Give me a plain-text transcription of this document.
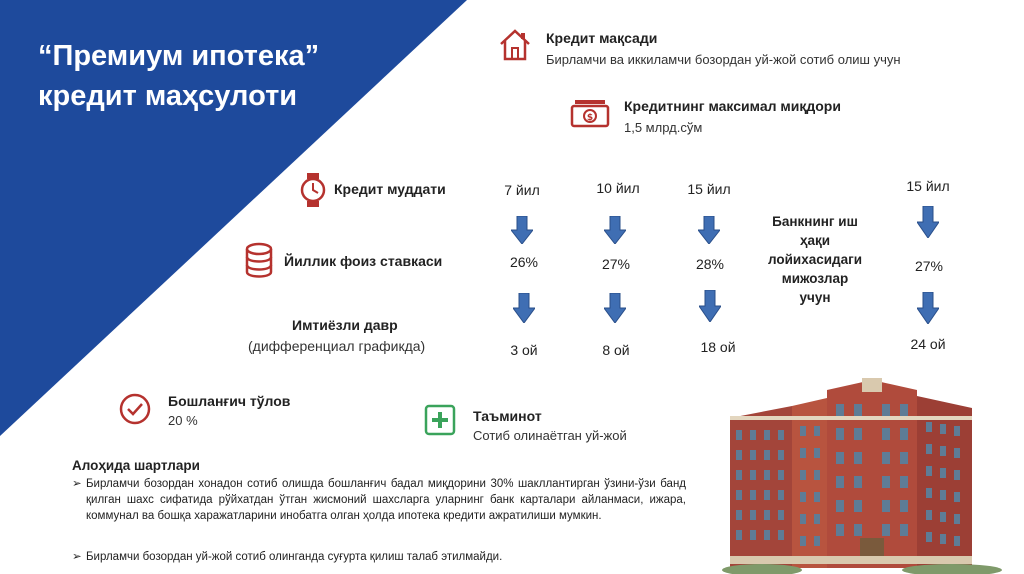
“Премиум ипотека”
кредит маҳсулоти
Кредит мақсади
Бирламчи ва иккиламчи бозордан уй-жой сотиб олиш учун
$
Кредитнинг максимал миқдори
1,5 млрд.сўм
Кредит муддати
Йиллик фоиз ставкаси
Имтиёзли давр
(дифференциал графикда)
7 йил
26%
3 ой
10 йил
27%
8 ой
15 йил
28%
18 ой
Банкнинг иш
ҳақи
лойихасидаги
мижозлар
учун
15 йил
27%
24 ой
Бошланғич тўлов
20 %	Таъминот
Сотиб олинаётган уй-жой
Алоҳида шартлари
➢ Бирламчи бозордан хонадон сотиб олишда бошланғич бадал миқдорини 30% шакллантирган ўзини-ўзи банд қилган шахс сифатида рўйхатдан ўтган жисмоний шахсларга уларнинг банк карталари айланмаси, ижара, коммунал ва бошқа харажатларини инобатга олган ҳолда ипотека кредити ажратилиши мумкин.
➢ Бирламчи бозордан уй-жой сотиб олинганда суғурта қилиш талаб этилмайди.
